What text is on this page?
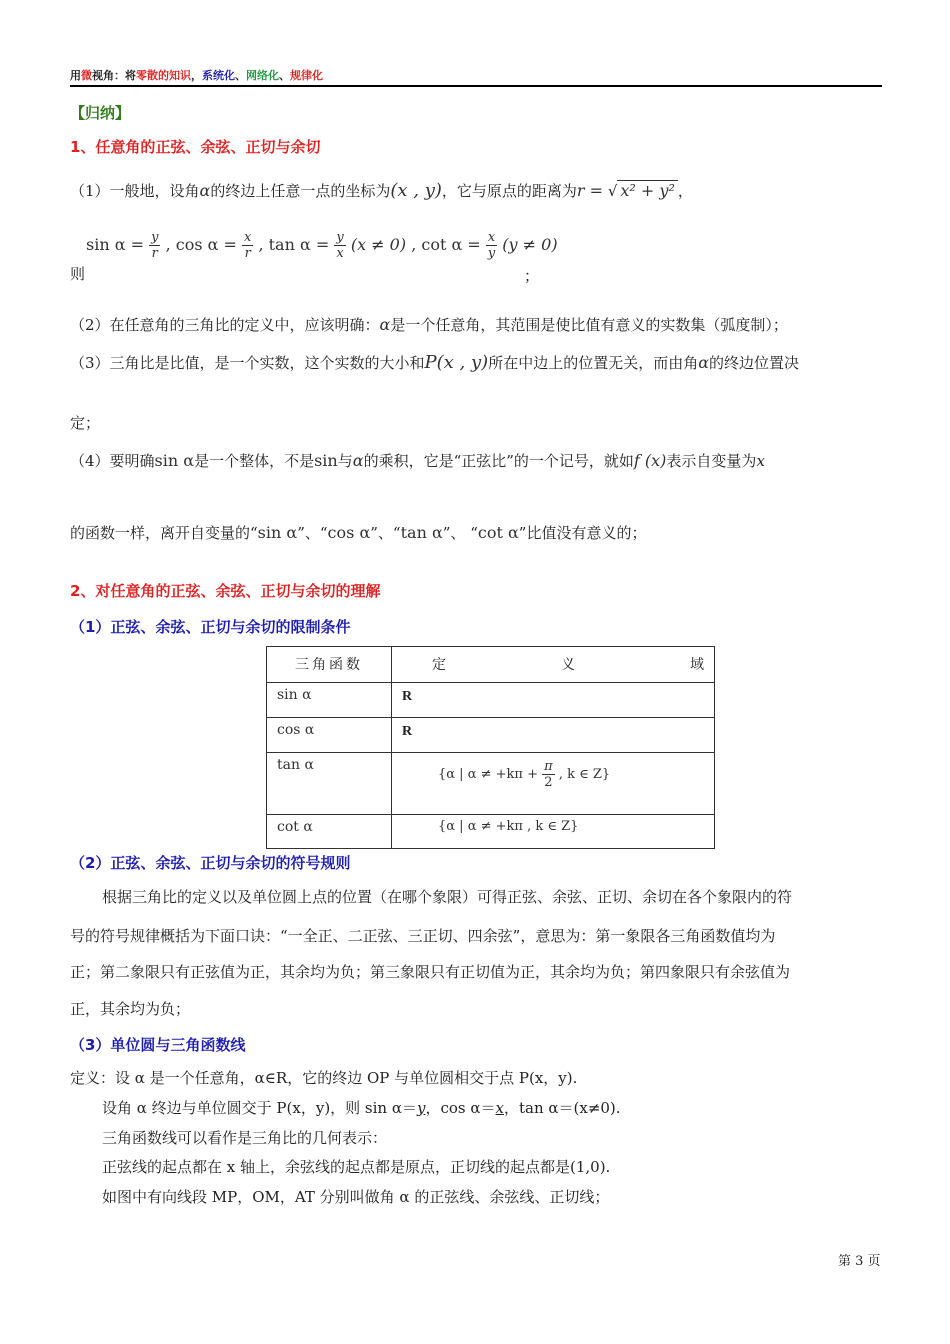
用微视角：将零散的知识，系统化、网络化、规律化
【归纳】
1、任意角的正弦、余弦、正切与余切
（1）一般地，设角α的终边上任意一点的坐标为(x , y)，它与原点的距离为r = √ x² + y² ，
$\sin \alpha = \frac{y}{r}$ , $\cos \alpha = \frac{x}{r}$ , $\tan \alpha = \frac{y}{x} (x \ne 0)$ , $\cot \alpha = \frac{x}{y} (y \ne 0)$
则	；
（2）在任意角的三角比的定义中，应该明确：α是一个任意角，其范围是使比值有意义的实数集（弧度制）；
（3）三角比是比值，是一个实数，这个实数的大小和P(x , y)所在中边上的位置无关，而由角α的终边位置决
定；
（4）要明确sin α是一个整体，不是sin与α的乘积，它是“正弦比”的一个记号，就如f (x)表示自变量为x
的函数一样，离开自变量的“sin α”、“cos α”、“tan α”、 “cot α”比值没有意义的；
2、对任意角的正弦、余弦、正切与余切的理解
（1）正弦、余弦、正切与余切的限制条件
三角函数	定 义 域

sin α	R
cos α	R
tan α	{α | $\alpha \ne +k\pi + \frac{\pi}{2}$ , k ∈ Z}
cot α	{α | α ≠ +kπ , k ∈ Z}
（2）正弦、余弦、正切与余切的符号规则
根据三角比的定义以及单位圆上点的位置（在哪个象限）可得正弦、余弦、正切、余切在各个象限内的符
号的符号规律概括为下面口诀：“一全正、二正弦、三正切、四余弦”，意思为：第一象限各三角函数值均为
正；第二象限只有正弦值为正，其余均为负；第三象限只有正切值为正，其余均为负；第四象限只有余弦值为
正，其余均为负；
（3）单位圆与三角函数线
定义：设 α 是一个任意角，α∈R，它的终边 OP 与单位圆相交于点 P(x，y).
设角 α 终边与单位圆交于 P(x，y)，则 sin α＝y，cos α＝x，tan α＝(x≠0).
三角函数线可以看作是三角比的几何表示：
正弦线的起点都在 x 轴上，余弦线的起点都是原点，正切线的起点都是(1,0).
如图中有向线段 MP，OM，AT 分别叫做角 α 的正弦线、余弦线、正切线；
第 3 页
